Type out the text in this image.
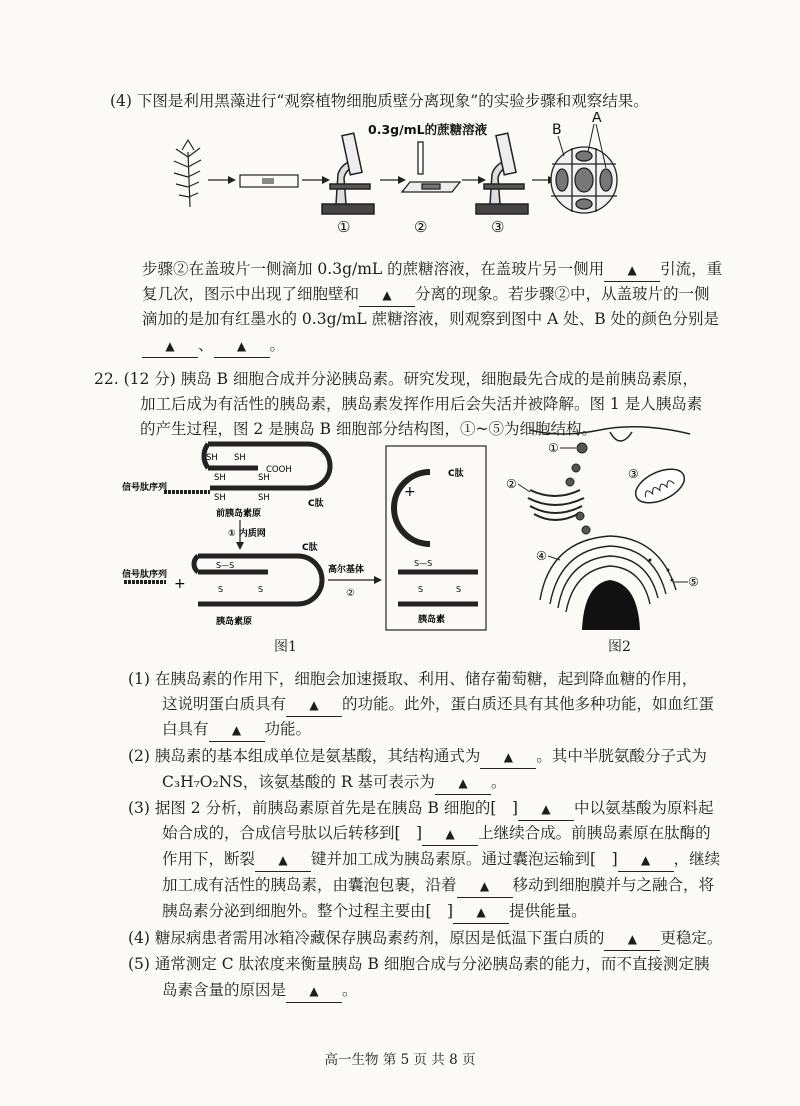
(4) 下图是利用黑藻进行“观察植物细胞质壁分离现象”的实验步骤和观察结果。
①
0.3g/mL的蔗糖溶液
②	③
B
A
步骤②在盖玻片一侧滴加 0.3g/mL 的蔗糖溶液，在盖玻片另一侧用 ▲ 引流，重
复几次，图示中出现了细胞壁和 ▲ 分离的现象。若步骤②中，从盖玻片的一侧
滴加的是加有红墨水的 0.3g/mL 蔗糖溶液，则观察到图中 A 处、B 处的颜色分别是
▲ 、 ▲ 。
22. (12 分) 胰岛 B 细胞合成并分泌胰岛素。研究发现，细胞最先合成的是前胰岛素原，
加工后成为有活性的胰岛素，胰岛素发挥作用后会失活并被降解。图 1 是人胰岛素
的产生过程，图 2 是胰岛 B 细胞部分结构图，①~⑤为细胞结构。
SH SH
COOH
SH	SH
SH	SH
信号肽序列
C肽
前胰岛素原
① 内质网
信号肽序列
+
S—S
S	S
C肽
胰岛素原
高尔基体
②
+
C肽
S—S
S	S
胰岛素
图1
①
②
③
④
⑤
图2
(1) 在胰岛素的作用下，细胞会加速摄取、利用、储存葡萄糖，起到降血糖的作用，
这说明蛋白质具有 ▲ 的功能。此外，蛋白质还具有其他多种功能，如血红蛋
白具有 ▲ 功能。
(2) 胰岛素的基本组成单位是氨基酸，其结构通式为 ▲ 。其中半胱氨酸分子式为
C₃H₇O₂NS，该氨基酸的 R 基可表示为 ▲ 。
(3) 据图 2 分析，前胰岛素原首先是在胰岛 B 细胞的[　] ▲ 中以氨基酸为原料起
始合成的，合成信号肽以后转移到[　] ▲ 上继续合成。前胰岛素原在肽酶的
作用下，断裂 ▲ 键并加工成为胰岛素原。通过囊泡运输到[　] ▲ ，继续
加工成有活性的胰岛素，由囊泡包裹，沿着 ▲ 移动到细胞膜并与之融合，将
胰岛素分泌到细胞外。整个过程主要由[　] ▲ 提供能量。
(4) 糖尿病患者需用冰箱冷藏保存胰岛素药剂，原因是低温下蛋白质的 ▲ 更稳定。
(5) 通常测定 C 肽浓度来衡量胰岛 B 细胞合成与分泌胰岛素的能力，而不直接测定胰
岛素含量的原因是 ▲ 。
高一生物 第 5 页 共 8 页
